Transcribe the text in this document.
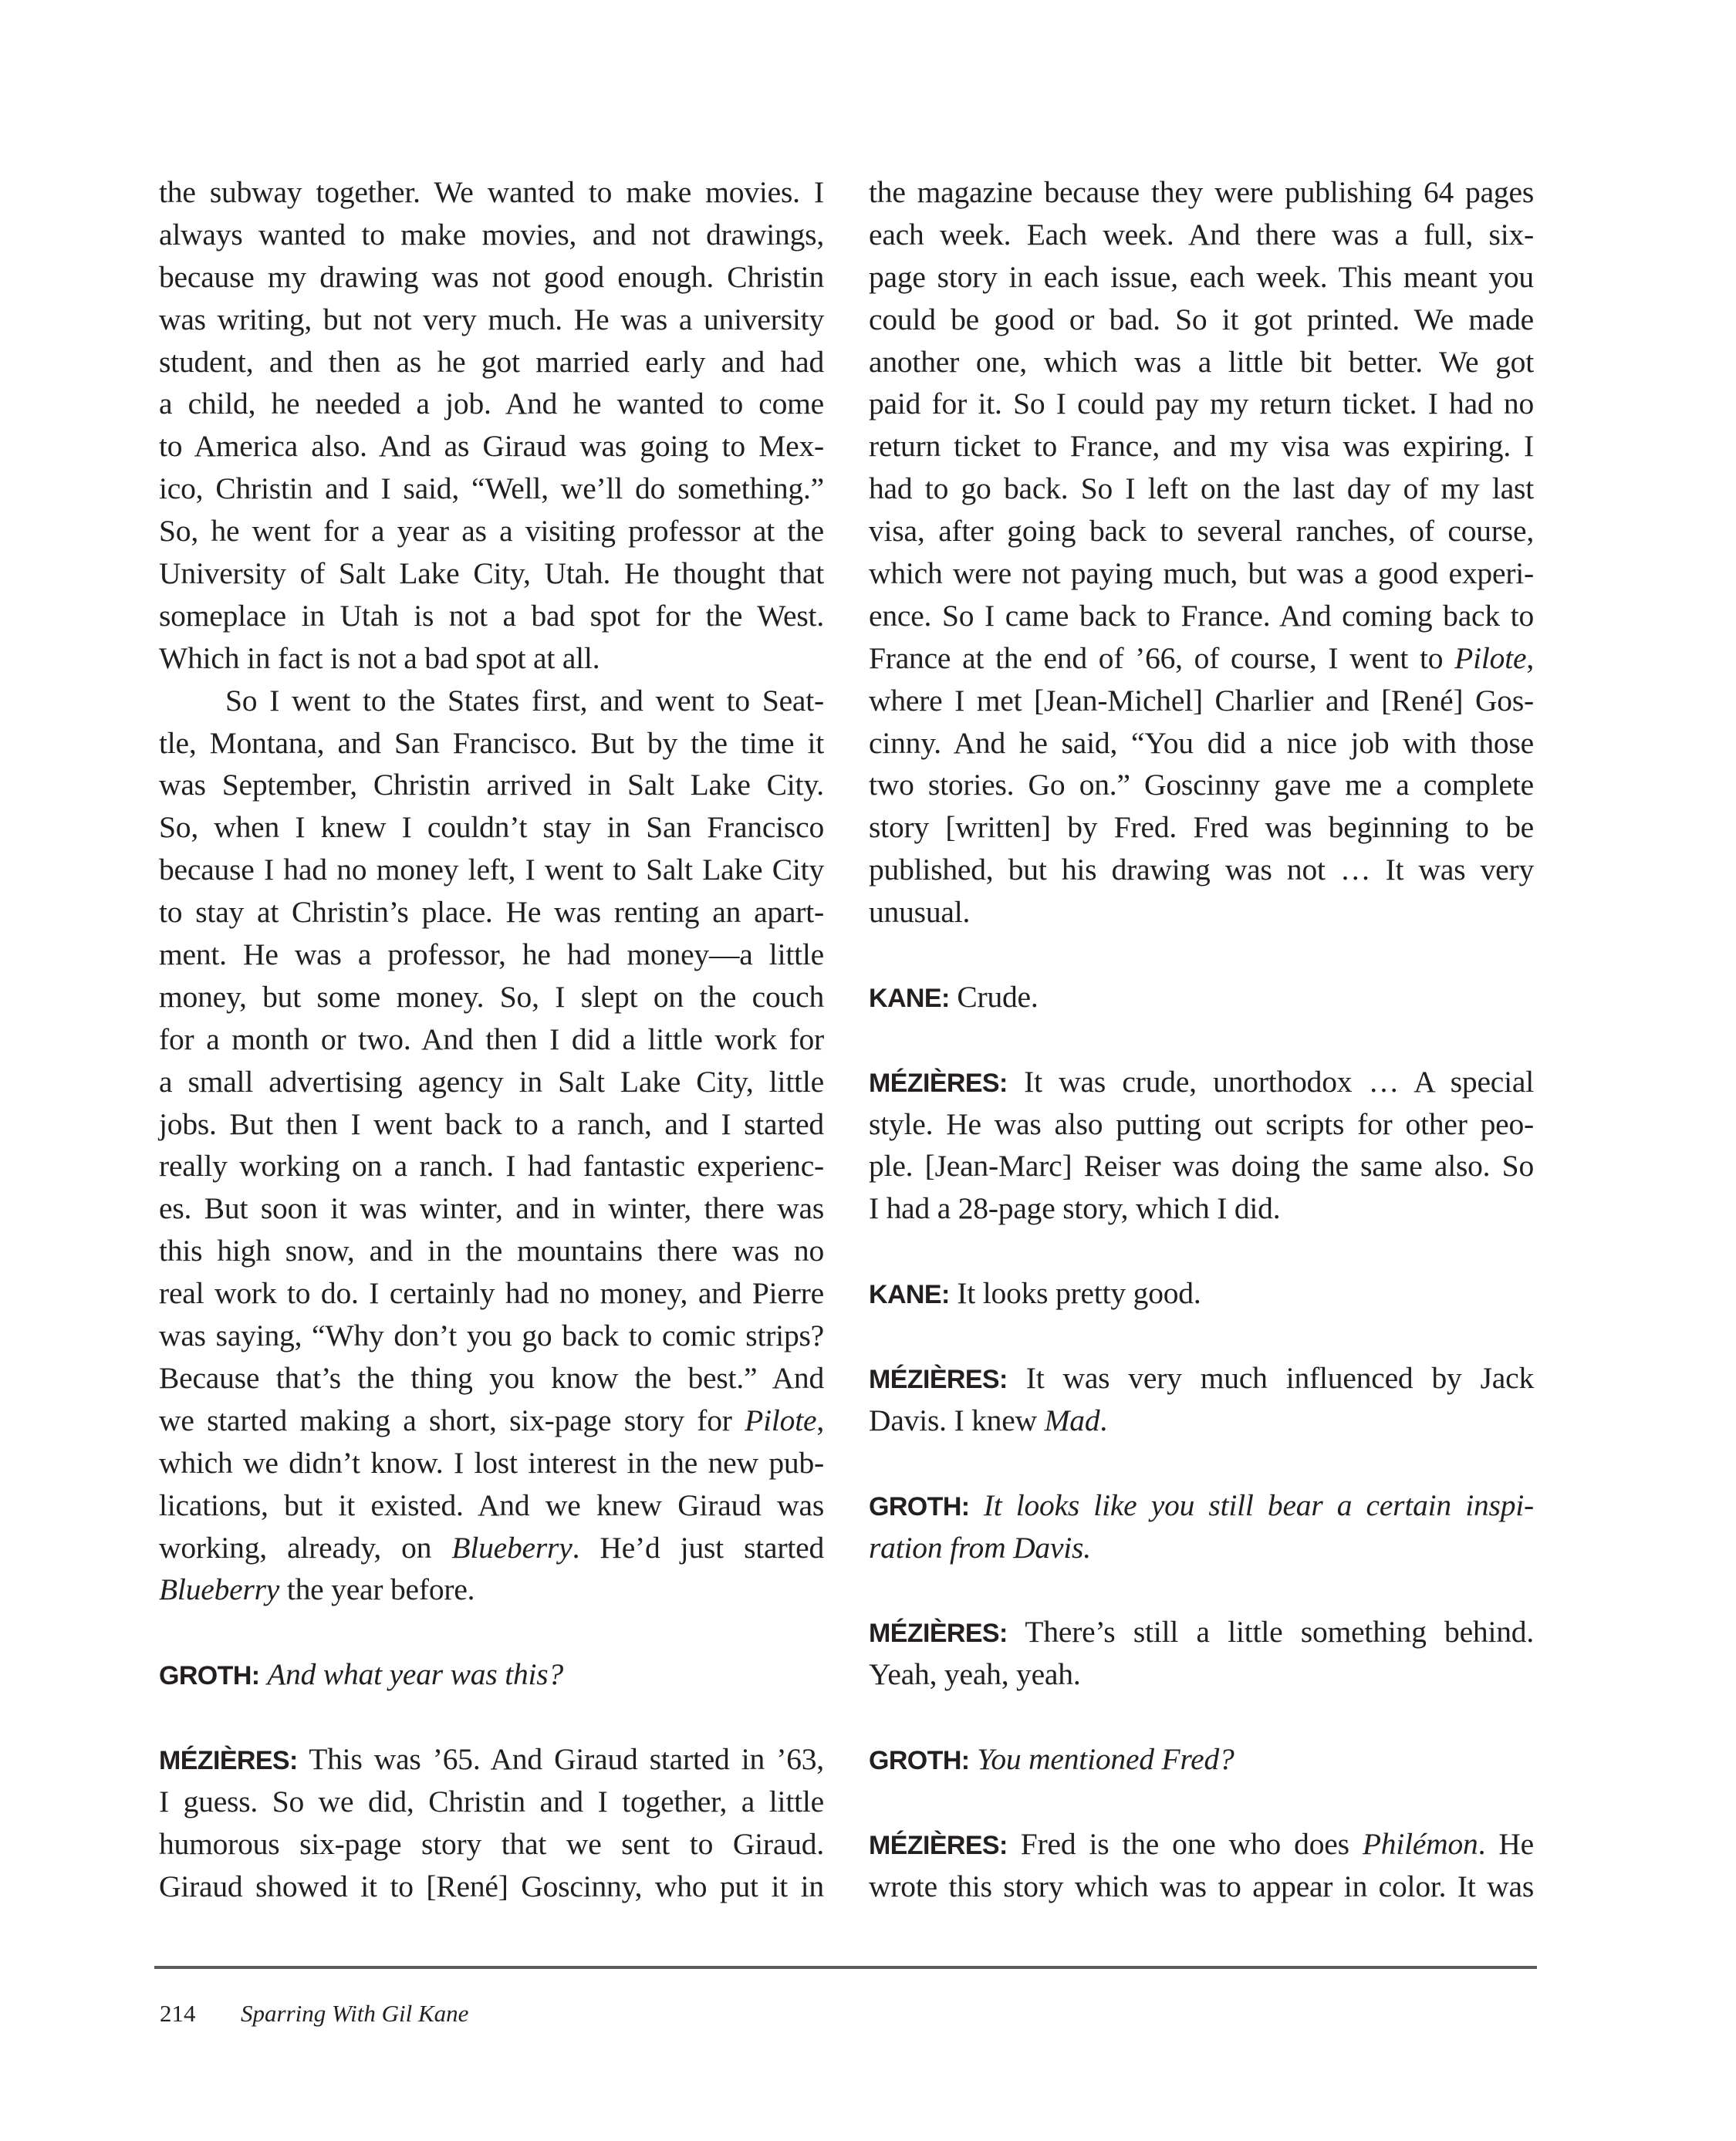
the subway together. We wanted to make movies. I
always wanted to make movies, and not drawings,
because my drawing was not good enough. Christin
was writing, but not very much. He was a university
student, and then as he got married early and had
a child, he needed a job. And he wanted to come
to America also. And as Giraud was going to Mex-
ico, Christin and I said, “Well, we’ll do something.”
So, he went for a year as a visiting professor at the
University of Salt Lake City, Utah. He thought that
someplace in Utah is not a bad spot for the West.
Which in fact is not a bad spot at all.
So I went to the States first, and went to Seat-
tle, Montana, and San Francisco. But by the time it
was September, Christin arrived in Salt Lake City.
So, when I knew I couldn’t stay in San Francisco
because I had no money left, I went to Salt Lake City
to stay at Christin’s place. He was renting an apart-
ment. He was a professor, he had money—a little
money, but some money. So, I slept on the couch
for a month or two. And then I did a little work for
a small advertising agency in Salt Lake City, little
jobs. But then I went back to a ranch, and I started
really working on a ranch. I had fantastic experienc-
es. But soon it was winter, and in winter, there was
this high snow, and in the mountains there was no
real work to do. I certainly had no money, and Pierre
was saying, “Why don’t you go back to comic strips?
Because that’s the thing you know the best.” And
we started making a short, six-page story for Pilote,
which we didn’t know. I lost interest in the new pub-
lications, but it existed. And we knew Giraud was
working, already, on Blueberry. He’d just started
Blueberry the year before.
GROTH: And what year was this?
MÉZIÈRES: This was ’65. And Giraud started in ’63,
I guess. So we did, Christin and I together, a little
humorous six-page story that we sent to Giraud.
Giraud showed it to [René] Goscinny, who put it in
the magazine because they were publishing 64 pages
each week. Each week. And there was a full, six-
page story in each issue, each week. This meant you
could be good or bad. So it got printed. We made
another one, which was a little bit better. We got
paid for it. So I could pay my return ticket. I had no
return ticket to France, and my visa was expiring. I
had to go back. So I left on the last day of my last
visa, after going back to several ranches, of course,
which were not paying much, but was a good experi-
ence. So I came back to France. And coming back to
France at the end of ’66, of course, I went to Pilote,
where I met [Jean-Michel] Charlier and [René] Gos-
cinny. And he said, “You did a nice job with those
two stories. Go on.” Goscinny gave me a complete
story [written] by Fred. Fred was beginning to be
published, but his drawing was not … It was very
unusual.
KANE: Crude.
MÉZIÈRES: It was crude, unorthodox … A special
style. He was also putting out scripts for other peo-
ple. [Jean-Marc] Reiser was doing the same also. So
I had a 28-page story, which I did.
KANE: It looks pretty good.
MÉZIÈRES: It was very much influenced by Jack
Davis. I knew Mad.
GROTH: It looks like you still bear a certain inspi-
ration from Davis.
MÉZIÈRES: There’s still a little something behind.
Yeah, yeah, yeah.
GROTH: You mentioned Fred?
MÉZIÈRES: Fred is the one who does Philémon. He
wrote this story which was to appear in color. It was
214 Sparring With Gil Kane
